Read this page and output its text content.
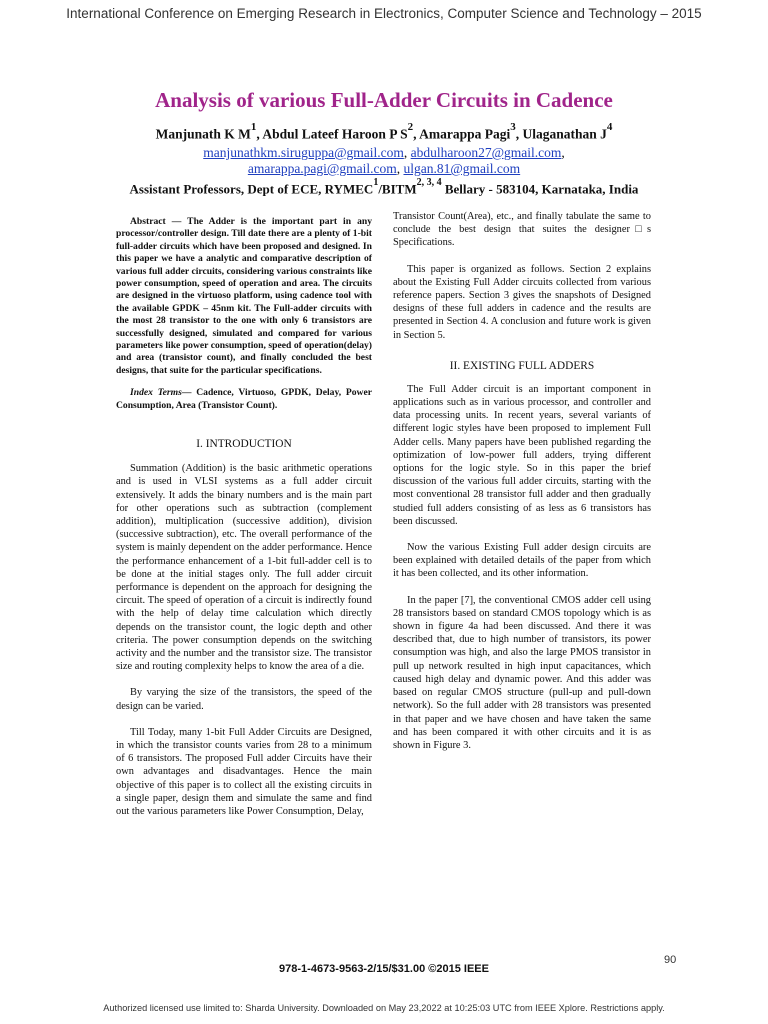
International Conference on Emerging Research in Electronics, Computer Science and Technology – 2015
Analysis of various Full-Adder Circuits in Cadence
Manjunath K $M^1$, Abdul Lateef Haroon P $S^2$, Amarappa Pagi$^3$, Ulaganathan $J^4$
manjunathkm.siruguppa@gmail.com, abdulharoon27@gmail.com,
amarappa.pagi@gmail.com, ulgan.81@gmail.com
Assistant Professors, Dept of ECE, RYMEC$^1$/BITM$^{2, 3, 4}$ Bellary - 583104, Karnataka, India

Abstract — The Adder is the important part in any processor/controller design. Till date there are a plenty of 1-bit full-adder circuits which have been proposed and designed. In this paper we have a analytic and comparative description of various full adder circuits, considering various constraints like power consumption, speed of operation and area. The circuits are designed in the virtuoso platform, using cadence tool with the available GPDK – 45nm kit. The Full-adder circuits with the most 28 transistor to the one with only 6 transistors are successfully designed, simulated and compared for various parameters like power consumption, speed of operation(delay) and area (transistor count), and finally concluded the best designs, that suite for the particular specifications.

Index Terms— Cadence, Virtuoso, GPDK, Delay, Power Consumption, Area (Transistor Count).

I. INTRODUCTION

Summation (Addition) is the basic arithmetic operations and is used in VLSI systems as a full adder circuit extensively. It adds the binary numbers and is the main part for other operations such as subtraction (complement addition), multiplication (successive addition), division (successive subtraction), etc. The overall performance of the system is mainly dependent on the adder performance. Hence the performance enhancement of a 1-bit full-adder cell is to be done at the initial stages only. The full adder circuit performance is dependent on the approach for designing the circuit. The speed of operation of a circuit is indirectly found with the help of delay time calculation which directly depends on the transistor count, the logic depth and other criteria. The power consumption depends on the switching activity and the number and the transistor size. The transistor size and routing complexity helps to know the area of a die.

By varying the size of the transistors, the speed of the design can be varied.

Till Today, many 1-bit Full Adder Circuits are Designed, in which the transistor counts varies from 28 to a minimum of 6 transistors. The proposed Full adder Circuits have their own advantages and disadvantages. Hence the main objective of this paper is to collect all the existing circuits in a single paper, design them and simulate the same and find out the various parameters like Power Consumption, Delay,

Transistor Count(Area), etc., and finally tabulate the same to conclude the best design that suites the designer□s Specifications.

This paper is organized as follows. Section 2 explains about the Existing Full Adder circuits collected from various reference papers. Section 3 gives the snapshots of Designed designs of these full adders in cadence and the results are presented in Section 4. A conclusion and future work is given in Section 5.

II. EXISTING FULL ADDERS

The Full Adder circuit is an important component in applications such as in various processor, and controller and data processing units. In recent years, several variants of different logic styles have been proposed to implement Full Adder cells. Many papers have been published regarding the optimization of low-power full adders, trying different options for the logic style. So in this paper the brief discussion of the various full adder circuits, starting with the most conventional 28 transistor full adder and then gradually studied full adders consisting of as less as 6 transistors has been discussed.

Now the various Existing Full adder design circuits are been explained with detailed details of the paper from which it has been collected, and its other information.

In the paper [7], the conventional CMOS adder cell using 28 transistors based on standard CMOS topology which is as shown in figure 4a had been discussed. And there it was described that, due to high number of transistors, its power consumption was high, and also the large PMOS transistor in pull up network resulted in high input capacitances, which caused high delay and dynamic power. And this adder was based on regular CMOS structure (pull-up and pull-down network). So the full adder with 28 transistors was presented in that paper and we have chosen and have taken the same and has been compared it with other circuits and it is as shown in Figure 3.

90
978-1-4673-9563-2/15/$31.00 ©2015 IEEE
Authorized licensed use limited to: Sharda University. Downloaded on May 23,2022 at 10:25:03 UTC from IEEE Xplore. Restrictions apply.
